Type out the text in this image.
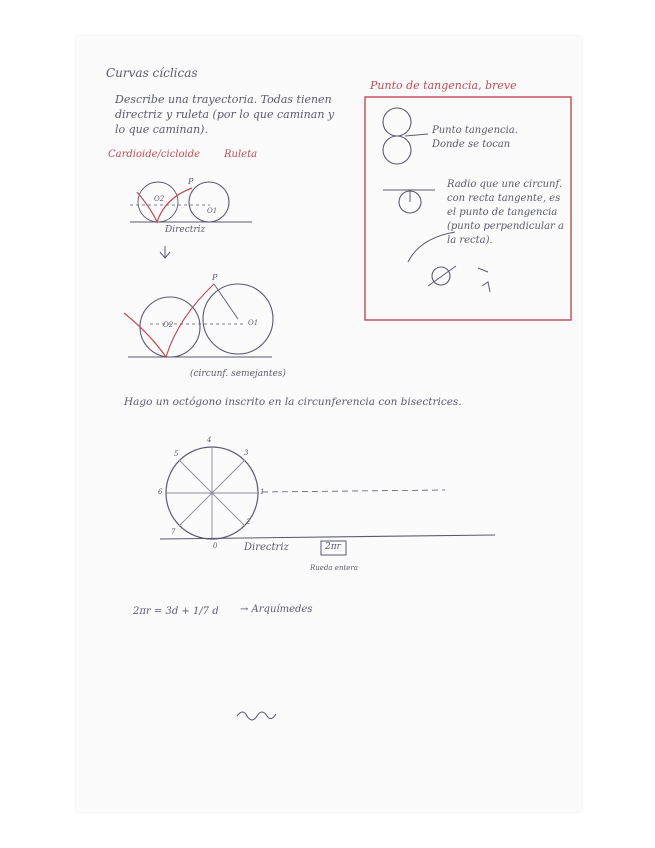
Curvas cíclicas
Describe una trayectoria. Todas tienen
directriz y ruleta (por lo que caminan y
lo que caminan).
Punto de tangencia, breve
Punto tangencia.
Donde se tocan
Radio que une circunf.
con recta tangente, es
el punto de tangencia
(punto perpendicular a
la recta).
Cardioide/cicloide Ruleta
P
O1
O2
Directriz
P
O2	O1
(circunf. semejantes)
Hago un octógono inscrito en la circunferencia con bisectrices.
0
1
2
3
4
5
6
7
Directriz	2πr
Rueda entera
2πr = 3d + 1/7 d → Arquímedes
